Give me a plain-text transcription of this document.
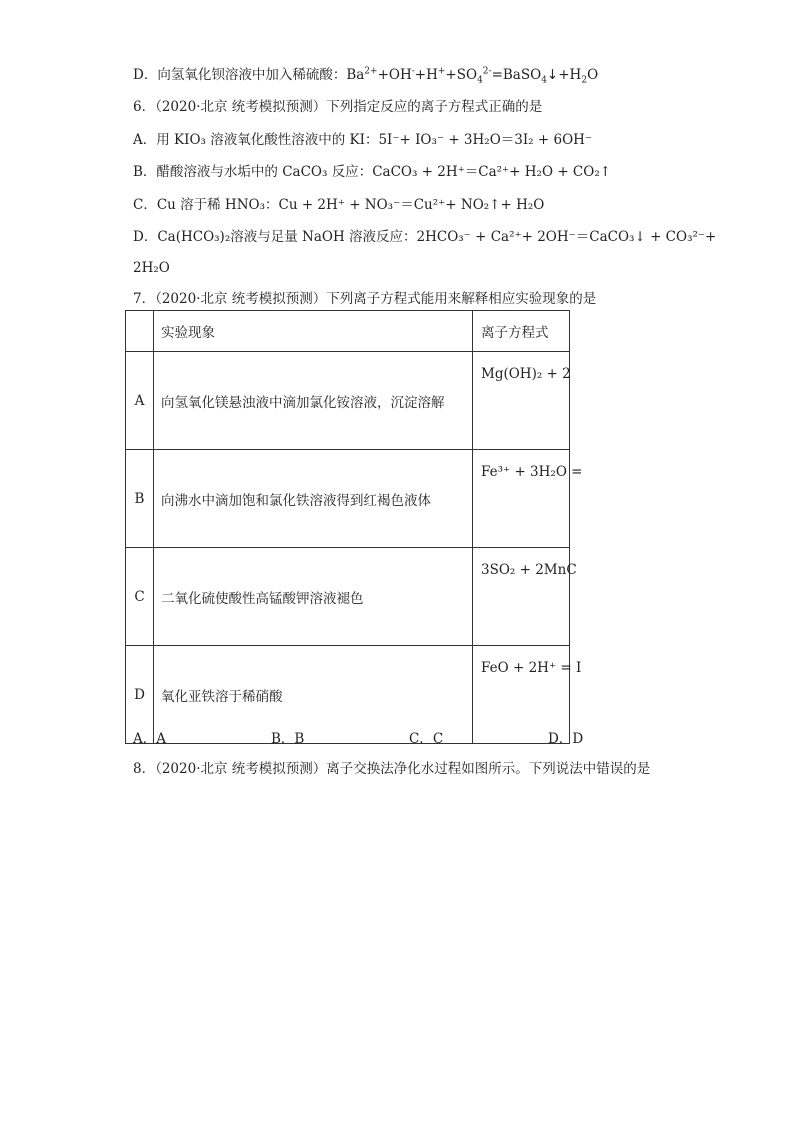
D．向氢氧化钡溶液中加入稀硫酸：$Ba^{2+}+OH^-+H^++SO_4^{2-}=BaSO_4↓+H_2O$
6．（2020·北京 统考模拟预测）下列指定反应的离子方程式正确的是
A．用 KIO₃ 溶液氧化酸性溶液中的 KI：5I⁻+ IO₃⁻ + 3H₂O＝3I₂ + 6OH⁻
B．醋酸溶液与水垢中的 CaCO₃ 反应：CaCO₃ + 2H⁺＝Ca²⁺+ H₂O + CO₂↑
C．Cu 溶于稀 HNO₃：Cu + 2H⁺ + NO₃⁻＝Cu²⁺+ NO₂↑+ H₂O
D．Ca(HCO₃)₂溶液与足量 NaOH 溶液反应：2HCO₃⁻ + Ca²⁺+ 2OH⁻＝CaCO₃↓ + CO₃²⁻+
2H₂O
7．（2020·北京 统考模拟预测）下列离子方程式能用来解释相应实验现象的是
	实验现象	离子方程式
A	向氢氧化镁悬浊液中滴加氯化铵溶液，沉淀溶解	Mg(OH)₂ + 2
B	向沸水中滴加饱和氯化铁溶液得到红褐色液体	Fe³⁺ + 3H₂O =
C	二氧化硫使酸性高锰酸钾溶液褪色	3SO₂ + 2MnC
D	氧化亚铁溶于稀硝酸	FeO + 2H⁺ = I
A．A	B．B	C．C	D．D
8．（2020·北京 统考模拟预测）离子交换法净化水过程如图所示。下列说法中错误的是
